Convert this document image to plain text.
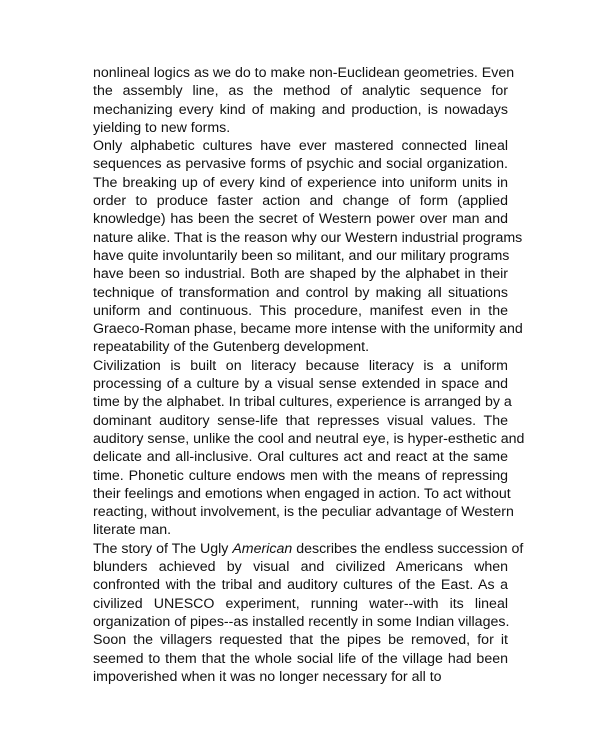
nonlineal logics as we do to make non-Euclidean geometries. Even
the assembly line, as the method of analytic sequence for
mechanizing every kind of making and production, is nowadays
yielding to new forms.
Only alphabetic cultures have ever mastered connected lineal
sequences as pervasive forms of psychic and social organization.
The breaking up of every kind of experience into uniform units in
order to produce faster action and change of form (applied
knowledge) has been the secret of Western power over man and
nature alike. That is the reason why our Western industrial programs
have quite involuntarily been so militant, and our military programs
have been so industrial. Both are shaped by the alphabet in their
technique of transformation and control by making all situations
uniform and continuous. This procedure, manifest even in the
Graeco-Roman phase, became more intense with the uniformity and
repeatability of the Gutenberg development.
Civilization is built on literacy because literacy is a uniform
processing of a culture by a visual sense extended in space and
time by the alphabet. In tribal cultures, experience is arranged by a
dominant auditory sense-life that represses visual values. The
auditory sense, unlike the cool and neutral eye, is hyper-esthetic and
delicate and all-inclusive. Oral cultures act and react at the same
time. Phonetic culture endows men with the means of repressing
their feelings and emotions when engaged in action. To act without
reacting, without involvement, is the peculiar advantage of Western
literate man.
The story of The Ugly American describes the endless succession of
blunders achieved by visual and civilized Americans when
confronted with the tribal and auditory cultures of the East. As a
civilized UNESCO experiment, running water--with its lineal
organization of pipes--as installed recently in some Indian villages.
Soon the villagers requested that the pipes be removed, for it
seemed to them that the whole social life of the village had been
impoverished when it was no longer necessary for all to
